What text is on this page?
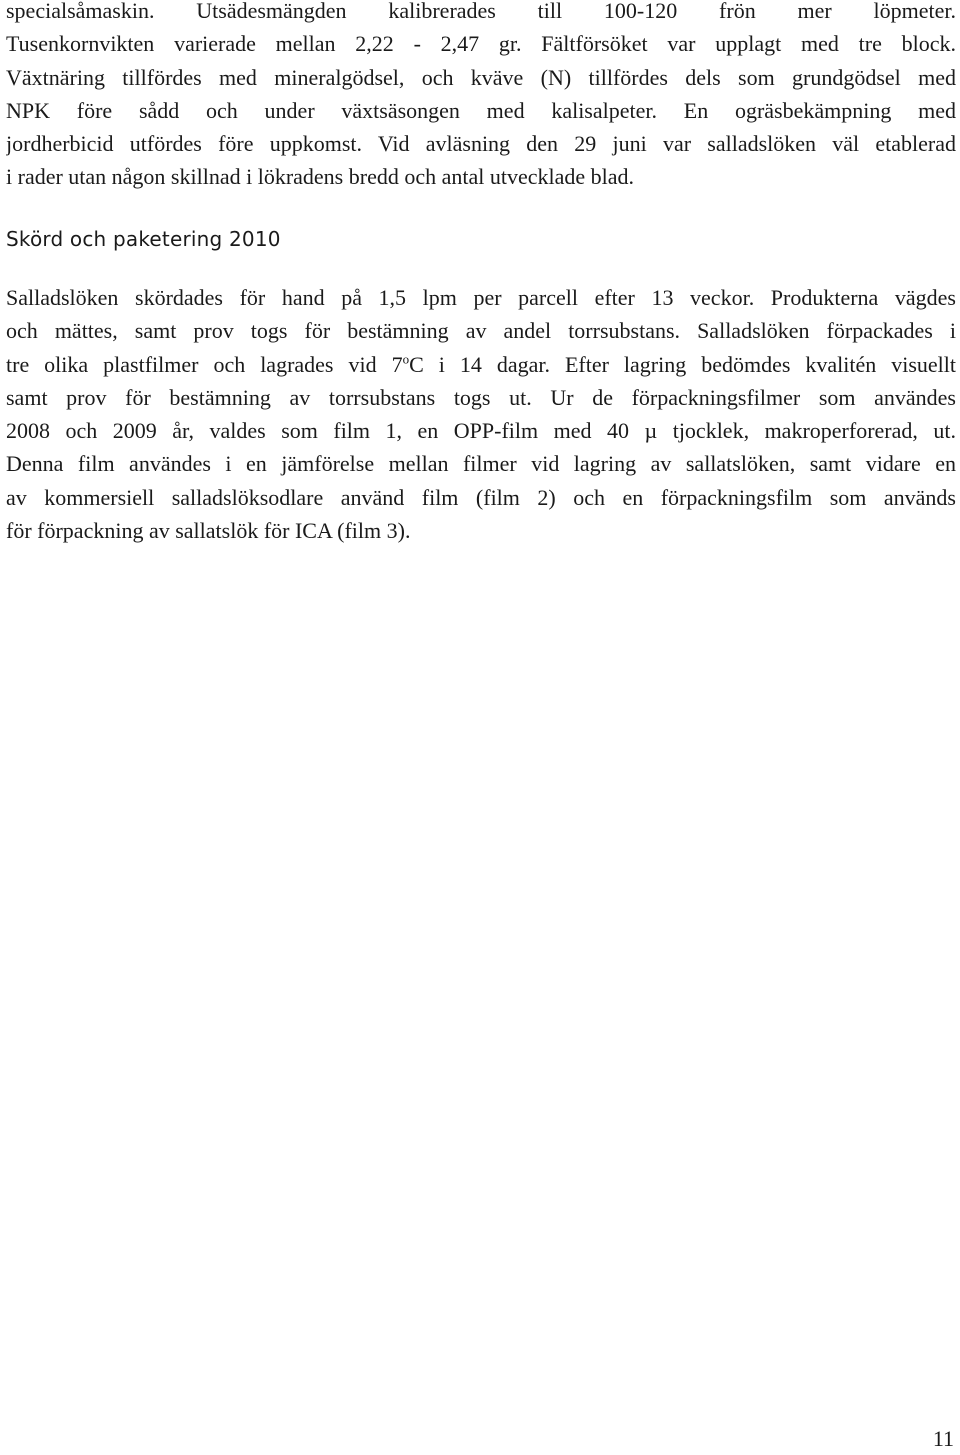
specialsåmaskin. Utsädesmängden kalibrerades till 100-120 frön mer löpmeter.
Tusenkornvikten varierade mellan 2,22 - 2,47 gr. Fältförsöket var upplagt med tre block.
Växtnäring tillfördes med mineralgödsel, och kväve (N) tillfördes dels som grundgödsel med
NPK före sådd och under växtsäsongen med kalisalpeter. En ogräsbekämpning med
jordherbicid utfördes före uppkomst. Vid avläsning den 29 juni var salladslöken väl etablerad
i rader utan någon skillnad i lökradens bredd och antal utvecklade blad.

Skörd och paketering 2010

Salladslöken skördades för hand på 1,5 lpm per parcell efter 13 veckor. Produkterna vägdes
och mättes, samt prov togs för bestämning av andel torrsubstans. Salladslöken förpackades i
tre olika plastfilmer och lagrades vid 7$^o$C i 14 dagar. Efter lagring bedömdes kvalitén visuellt
samt prov för bestämning av torrsubstans togs ut. Ur de förpackningsfilmer som användes
2008 och 2009 år, valdes som film 1, en OPP-film med 40 µ tjocklek, makroperforerad, ut.
Denna film användes i en jämförelse mellan filmer vid lagring av sallatslöken, samt vidare en
av kommersiell salladslöksodlare använd film (film 2) och en förpackningsfilm som används
för förpackning av sallatslök för ICA (film 3).

11
